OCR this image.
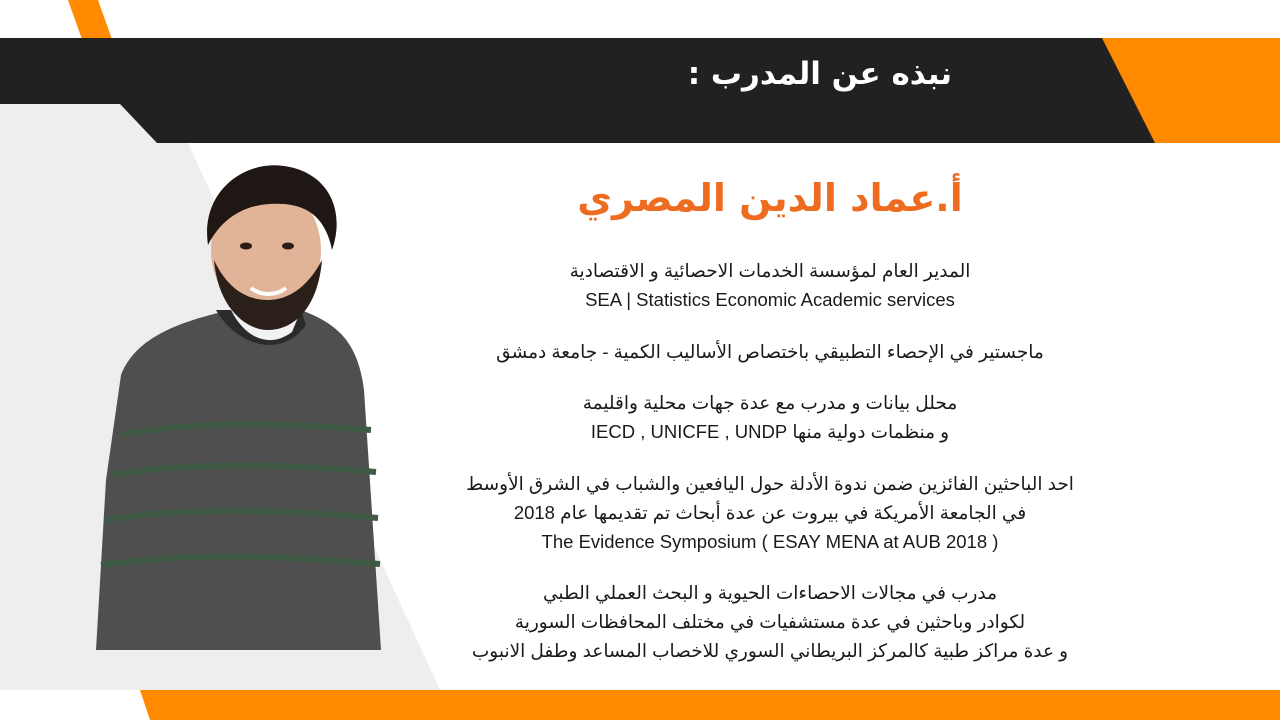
نبذه عن المدرب :
أ.عماد الدين المصري
المدير العام لمؤسسة الخدمات الاحصائية و الاقتصادية
SEA | Statistics Economic Academic services
ماجستير في الإحصاء التطبيقي باختصاص الأساليب الكمية - جامعة دمشق
محلل بيانات و مدرب مع عدة جهات محلية واقليمة
و منظمات دولية منها IECD , UNICFE , UNDP
احد الباحثين الفائزين ضمن ندوة الأدلة حول اليافعين والشباب في الشرق الأوسط
في الجامعة الأمريكة في بيروت عن عدة أبحاث تم تقديمها عام 2018
The Evidence Symposium ( ESAY MENA at AUB 2018 )
مدرب في مجالات الاحصاءات الحيوية و البحث العملي الطبي
لكوادر وباحثين في عدة مستشفيات في مختلف المحافظات السورية
و عدة مراكز طبية كالمركز البريطاني السوري للاخصاب المساعد وطفل الانبوب
